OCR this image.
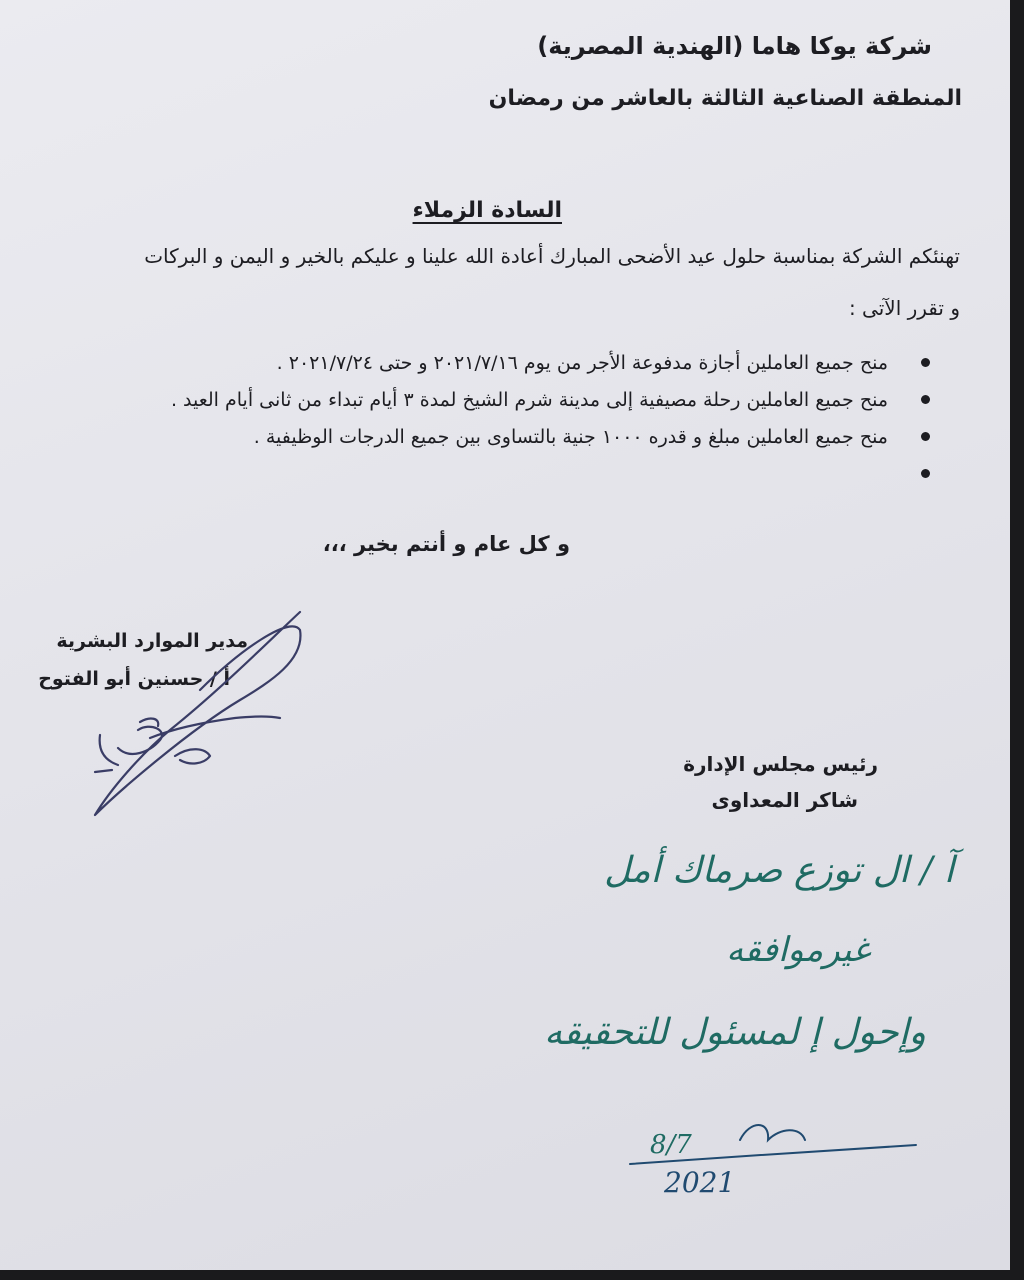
شركة يوكا هاما (الهندية المصرية)

المنطقة الصناعية الثالثة بالعاشر من رمضان

السادة الزملاء

تهنئكم الشركة بمناسبة حلول عيد الأضحى المبارك أعادة الله علينا و عليكم بالخير و اليمن و البركات

و تقرر الآتى :

منح جميع العاملين أجازة مدفوعة الأجر من يوم ٢٠٢١/٧/١٦ و حتى ٢٠٢١/٧/٢٤ .
منح جميع العاملين رحلة مصيفية إلى مدينة شرم الشيخ لمدة ٣ أيام تبداء من ثانى أيام العيد .
منح جميع العاملين مبلغ و قدره ١٠٠٠ جنية بالتساوى بين جميع الدرجات الوظيفية .

و كل عام و أنتم بخير ،،،

مدير الموارد البشرية

أ / حسنين أبو الفتوح

رئيس مجلس الإدارة

شاكر المعداوى

آ / ال توزع صرماك أمل
غيرموافقه
وإحول إ لمسئول للتحقيقه
8/7
2021
